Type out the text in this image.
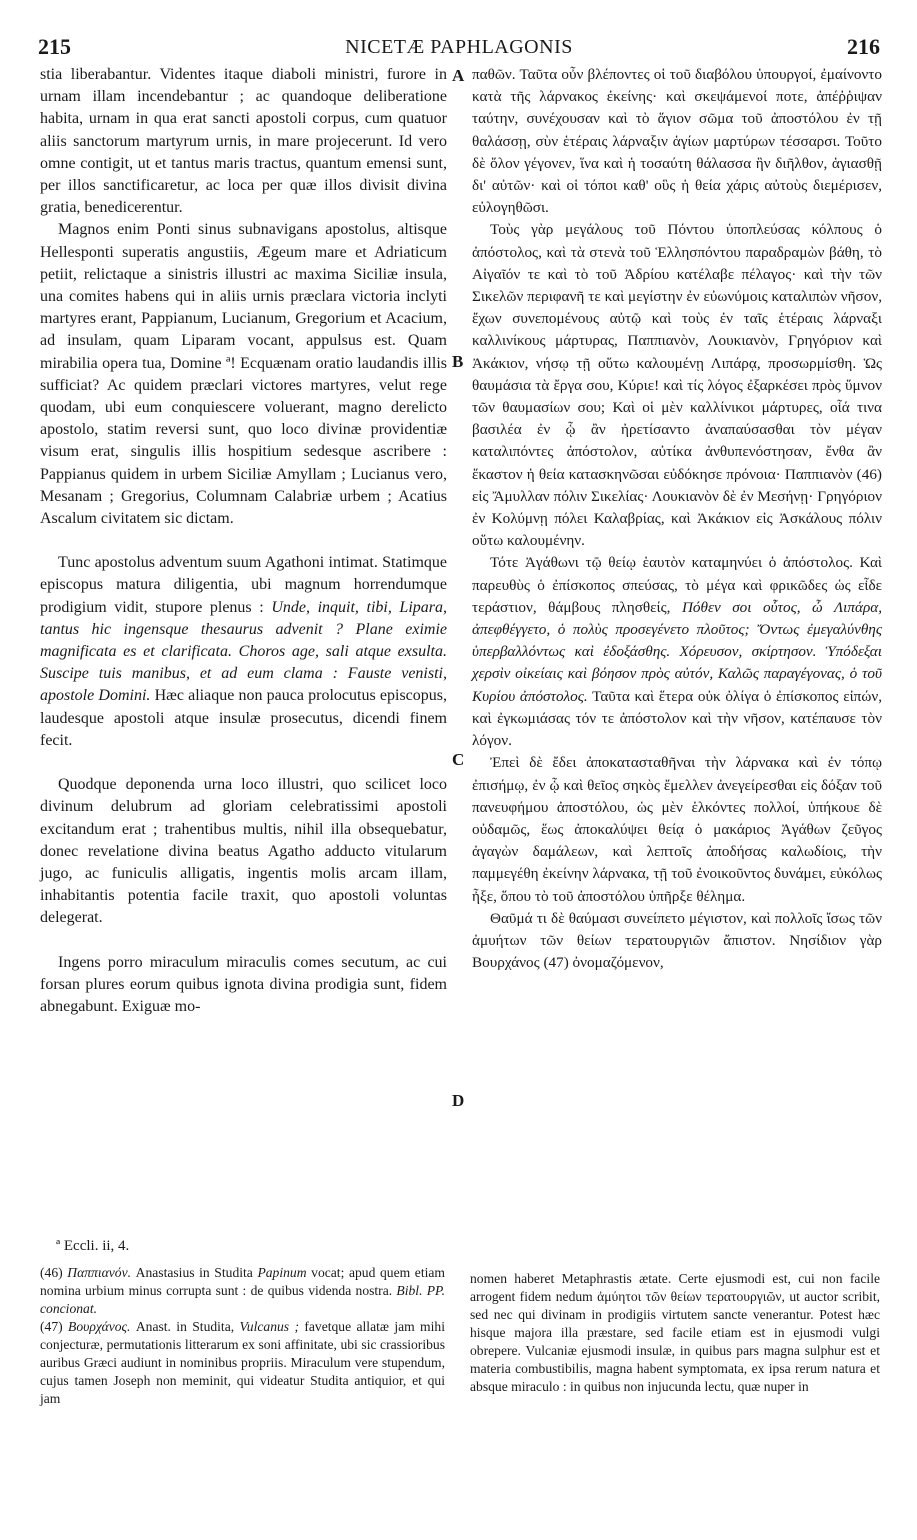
215	NICETÆ PAPHLAGONIS	216
A
B
C
D

stia liberabantur. Videntes itaque diaboli ministri, furore in urnam illam incendebantur ; ac quandoque deliberatione habita, urnam in qua erat sancti apostoli corpus, cum quatuor aliis sanctorum martyrum urnis, in mare projecerunt. Id vero omne contigit, ut et tantus maris tractus, quantum emensi sunt, per illos sanctificaretur, ac loca per quæ illos divisit divina gratia, benedicerentur.

Magnos enim Ponti sinus subnavigans apostolus, altisque Hellesponti superatis angustiis, Ægeum mare et Adriaticum petiit, relictaque a sinistris illustri ac maxima Siciliæ insula, una comites habens qui in aliis urnis præclara victoria inclyti martyres erant, Pappianum, Lucianum, Gregorium et Acacium, ad insulam, quam Liparam vocant, appulsus est. Quam mirabilia opera tua, Domine ª! Ecquænam oratio laudandis illis sufficiat? Ac quidem præclari victores martyres, velut rege quodam, ubi eum conquiescere voluerant, magno derelicto apostolo, statim reversi sunt, quo loco divinæ providentiæ visum erat, singulis illis hospitium sedesque ascribere : Pappianus quidem in urbem Siciliæ Amyllam ; Lucianus vero, Mesanam ; Gregorius, Columnam Calabriæ urbem ; Acatius Ascalum civitatem sic dictam.

Tunc apostolus adventum suum Agathoni intimat. Statimque episcopus matura diligentia, ubi magnum horrendumque prodigium vidit, stupore plenus : Unde, inquit, tibi, Lipara, tantus hic ingensque thesaurus advenit ? Plane eximie magnificata es et clarificata. Choros age, sali atque exsulta. Suscipe tuis manibus, et ad eum clama : Fauste venisti, apostole Domini. Hæc aliaque non pauca prolocutus episcopus, laudesque apostoli atque insulæ prosecutus, dicendi finem fecit.

Quodque deponenda urna loco illustri, quo scilicet loco divinum delubrum ad gloriam celebratissimi apostoli excitandum erat ; trahentibus multis, nihil illa obsequebatur, donec revelatione divina beatus Agatho adducto vitularum jugo, ac funiculis alligatis, ingentis molis arcam illam, inhabitantis potentia facile traxit, quo apostoli voluntas delegerat.

Ingens porro miraculum miraculis comes secutum, ac cui forsan plures eorum quibus ignota divina prodigia sunt, fidem abnegabunt. Exiguæ mo-

παθῶν. Ταῦτα οὖν βλέποντες οἱ τοῦ διαβόλου ὑπουργοί, ἐμαίνοντο κατὰ τῆς λάρνακος ἐκείνης· καὶ σκεψάμενοί ποτε, ἀπέῤῥιψαν ταύτην, συνέχουσαν καὶ τὸ ἅγιον σῶμα τοῦ ἀποστόλου ἐν τῇ θαλάσσῃ, σὺν ἑτέραις λάρναξιν ἁγίων μαρτύρων τέσσαρσι. Τοῦτο δὲ ὅλον γέγονεν, ἵνα καὶ ἡ τοσαύτη θάλασσα ἣν διῆλθον, ἁγιασθῇ δι' αὐτῶν· καὶ οἱ τόποι καθ' οὓς ἡ θεία χάρις αὐτοὺς διεμέρισεν, εὐλογηθῶσι.

Τοὺς γὰρ μεγάλους τοῦ Πόντου ὑποπλεύσας κόλπους ὁ ἀπόστολος, καὶ τὰ στενὰ τοῦ Ἑλλησπόντου παραδραμὼν βάθη, τὸ Αἰγαῖόν τε καὶ τὸ τοῦ Ἀδρίου κατέλαβε πέλαγος· καὶ τὴν τῶν Σικελῶν περιφανῆ τε καὶ μεγίστην ἐν εὐωνύμοις καταλιπὼν νῆσον, ἔχων συνεπομένους αὐτῷ καὶ τοὺς ἐν ταῖς ἑτέραις λάρναξι καλλινίκους μάρτυρας, Παππιανὸν, Λουκιανὸν, Γρηγόριον καὶ Ἀκάκιον, νήσῳ τῇ οὕτω καλουμένῃ Λιπάρᾳ, προσωρμίσθη. Ὡς θαυμάσια τὰ ἔργα σου, Κύριε! καὶ τίς λόγος ἐξαρκέσει πρὸς ὕμνον τῶν θαυμασίων σου; Καὶ οἱ μὲν καλλίνικοι μάρτυρες, οἷά τινα βασιλέα ἐν ᾧ ἂν ἠρετίσαντο ἀναπαύσασθαι τὸν μέγαν καταλιπόντες ἀπόστολον, αὐτίκα ἀνθυπενόστησαν, ἔνθα ἂν ἕκαστον ἡ θεία κατασκηνῶσαι εὐδόκησε πρόνοια· Παππιανὸν (46) εἰς Ἄμυλλαν πόλιν Σικελίας· Λουκιανὸν δὲ ἐν Μεσήνῃ· Γρηγόριον ἐν Κολύμνῃ πόλει Καλαβρίας, καὶ Ἀκάκιον εἰς Ἀσκάλους πόλιν οὕτω καλουμένην.

Τότε Ἀγάθωνι τῷ θείῳ ἑαυτὸν καταμηνύει ὁ ἀπόστολος. Καὶ παρευθὺς ὁ ἐπίσκοπος σπεύσας, τὸ μέγα καὶ φρικῶδες ὡς εἶδε τεράστιον, θάμβους πλησθείς, Πόθεν σοι οὗτος, ὦ Λιπάρα, ἀπεφθέγγετο, ὁ πολὺς προσεγένετο πλοῦτος; Ὄντως ἐμεγαλύνθης ὑπερβαλλόντως καὶ ἐδοξάσθης. Χόρευσον, σκίρτησον. Ὑπόδεξαι χερσὶν οἰκείαις καὶ βόησον πρὸς αὐτόν, Καλῶς παραγέγονας, ὁ τοῦ Κυρίου ἀπόστολος. Ταῦτα καὶ ἕτερα οὐκ ὀλίγα ὁ ἐπίσκοπος εἰπών, καὶ ἐγκωμιάσας τόν τε ἀπόστολον καὶ τὴν νῆσον, κατέπαυσε τὸν λόγον.

Ἐπεὶ δὲ ἔδει ἀποκατασταθῆναι τὴν λάρνακα καὶ ἐν τόπῳ ἐπισήμῳ, ἐν ᾧ καὶ θεῖος σηκὸς ἔμελλεν ἀνεγείρεσθαι εἰς δόξαν τοῦ πανευφήμου ἀποστόλου, ὡς μὲν ἑλκόντες πολλοί, ὑπήκουε δὲ οὐδαμῶς, ἕως ἀποκαλύψει θείᾳ ὁ μακάριος Ἀγάθων ζεῦγος ἀγαγὼν δαμάλεων, καὶ λεπτοῖς ἀποδήσας καλωδίοις, τὴν παμμεγέθη ἐκείνην λάρνακα, τῇ τοῦ ἐνοικοῦντος δυνάμει, εὐκόλως ἦξε, ὅπου τὸ τοῦ ἀποστόλου ὑπῆρξε θέλημα.

Θαῦμά τι δὲ θαύμασι συνείπετο μέγιστον, καὶ πολλοῖς ἴσως τῶν ἀμυήτων τῶν θείων τερατουργιῶν ἄπιστον. Νησίδιον γὰρ Βουρχάνος (47) ὀνομαζόμενον,

ª Eccli. ii, 4.

(46) Παππιανόν. Anastasius in Studita Papinum vocat; apud quem etiam nomina urbium minus corrupta sunt : de quibus videnda nostra. Bibl. PP. concionat.

(47) Βουρχάνος. Anast. in Studita, Vulcanus ; favetque allatæ jam mihi conjecturæ, permutationis litterarum ex soni affinitate, ubi sic crassioribus auribus Græci audiunt in nominibus propriis. Miraculum vere stupendum, cujus tamen Joseph non meminit, qui videatur Studita antiquior, et qui jam

nomen haberet Metaphrastis ætate. Certe ejusmodi est, cui non facile arrogent fidem nedum ἀμύητοι τῶν θείων τερατουργιῶν, ut auctor scribit, sed nec qui divinam in prodigiis virtutem sancte venerantur. Potest hæc hisque majora illa præstare, sed facile etiam est in ejusmodi vulgi obrepere. Vulcaniæ ejusmodi insulæ, in quibus pars magna sulphur est et materia combustibilis, magna habent symptomata, ex ipsa rerum natura et absque miraculo : in quibus non injucunda lectu, quæ nuper in
